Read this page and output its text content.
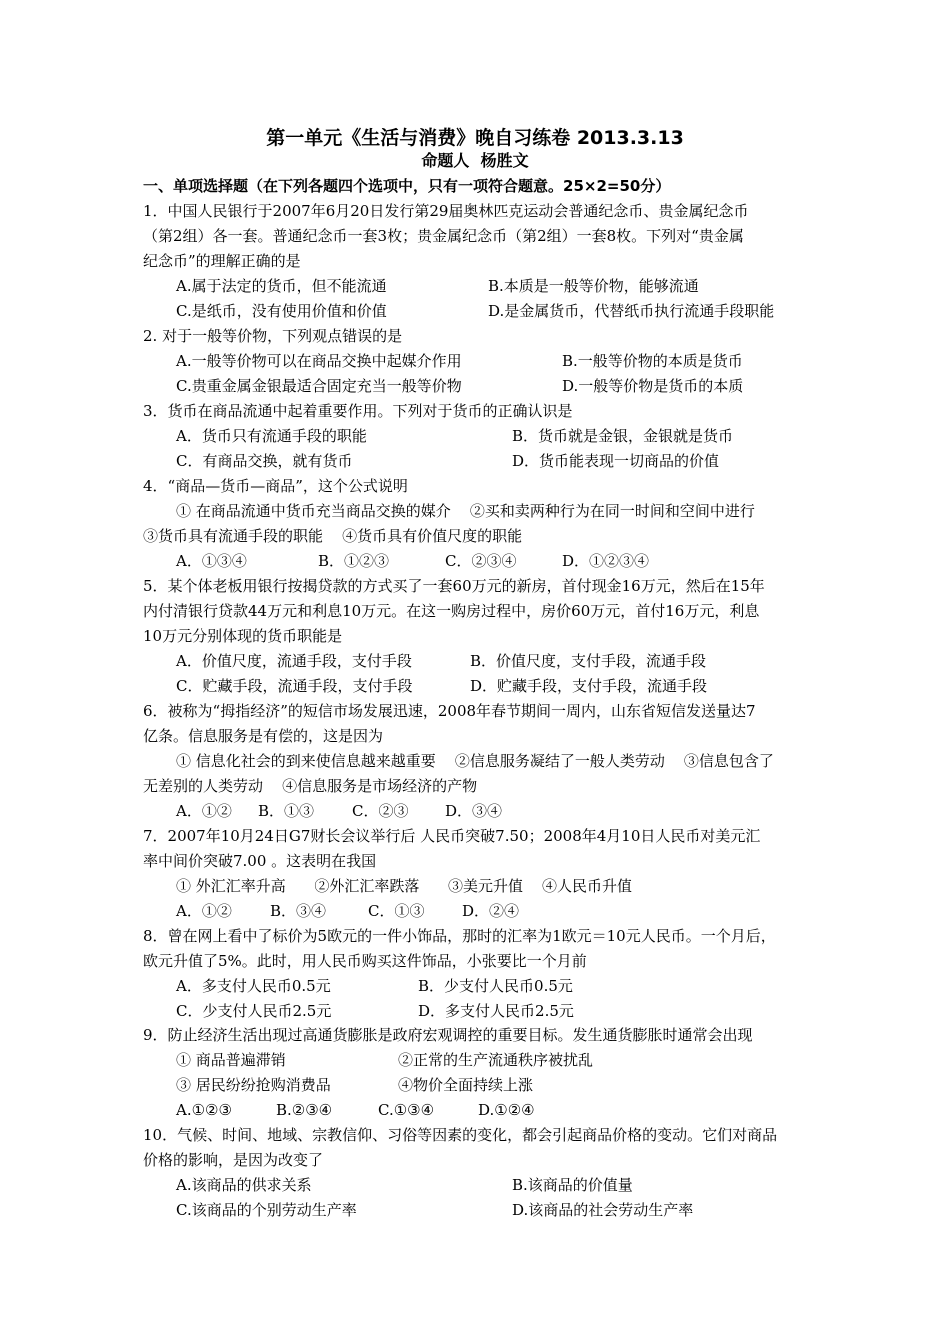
第一单元《生活与消费》晚自习练卷 2013.3.13
命题人  杨胜文
一、单项选择题（在下列各题四个选项中，只有一项符合题意。25×2=50分）
1．中国人民银行于2007年6月20日发行第29届奥林匹克运动会普通纪念币、贵金属纪念币
（第2组）各一套。普通纪念币一套3枚；贵金属纪念币（第2组）一套8枚。下列对“贵金属
纪念币”的理解正确的是
A.属于法定的货币，但不能流通	B.本质是一般等价物，能够流通
C.是纸币，没有使用价值和价值	D.是金属货币，代替纸币执行流通手段职能
2. 对于一般等价物，下列观点错误的是
A.一般等价物可以在商品交换中起媒介作用	B.一般等价物的本质是货币
C.贵重金属金银最适合固定充当一般等价物	D.一般等价物是货币的本质
3．货币在商品流通中起着重要作用。下列对于货币的正确认识是
A．货币只有流通手段的职能	B．货币就是金银，金银就是货币
C．有商品交换，就有货币	D．货币能表现一切商品的价值
4．“商品—货币—商品”，这个公式说明
① 在商品流通中货币充当商品交换的媒介    ②买和卖两种行为在同一时间和空间中进行
③货币具有流通手段的职能    ④货币具有价值尺度的职能
A．①③④	B．①②③	C．②③④	D．①②③④
5．某个体老板用银行按揭贷款的方式买了一套60万元的新房，首付现金16万元，然后在15年
内付清银行贷款44万元和利息10万元。在这一购房过程中，房价60万元，首付16万元，利息
10万元分别体现的货币职能是
A．价值尺度，流通手段，支付手段	B．价值尺度，支付手段，流通手段
C．贮藏手段，流通手段，支付手段	D．贮藏手段，支付手段，流通手段
6．被称为“拇指经济”的短信市场发展迅速，2008年春节期间一周内，山东省短信发送量达7
亿条。信息服务是有偿的，这是因为
① 信息化社会的到来使信息越来越重要    ②信息服务凝结了一般人类劳动    ③信息包含了
无差别的人类劳动    ④信息服务是市场经济的产物
A．①② B．①③	C．②③ D．③④
7．2007年10月24日G7财长会议举行后 人民币突破7.50；2008年4月10日人民币对美元汇
率中间价突破7.00 。这表明在我国
① 外汇汇率升高      ②外汇汇率跌落      ③美元升值    ④人民币升值
A．①②	B．③④	C．①③	D．②④
8．曾在网上看中了标价为5欧元的一件小饰品，那时的汇率为1欧元＝10元人民币。一个月后，
欧元升值了5%。此时，用人民币购买这件饰品，小张要比一个月前
A．多支付人民币0.5元	B．少支付人民币0.5元
C．少支付人民币2.5元	D．多支付人民币2.5元
9．防止经济生活出现过高通货膨胀是政府宏观调控的重要目标。发生通货膨胀时通常会出现
① 商品普遍滞销	②正常的生产流通秩序被扰乱
③ 居民纷纷抢购消费品	④物价全面持续上涨
A.①②③	B.②③④	C.①③④	D.①②④
10．气候、时间、地域、宗教信仰、习俗等因素的变化，都会引起商品价格的变动。它们对商品
价格的影响，是因为改变了
A.该商品的供求关系	B.该商品的价值量
C.该商品的个别劳动生产率	D.该商品的社会劳动生产率
